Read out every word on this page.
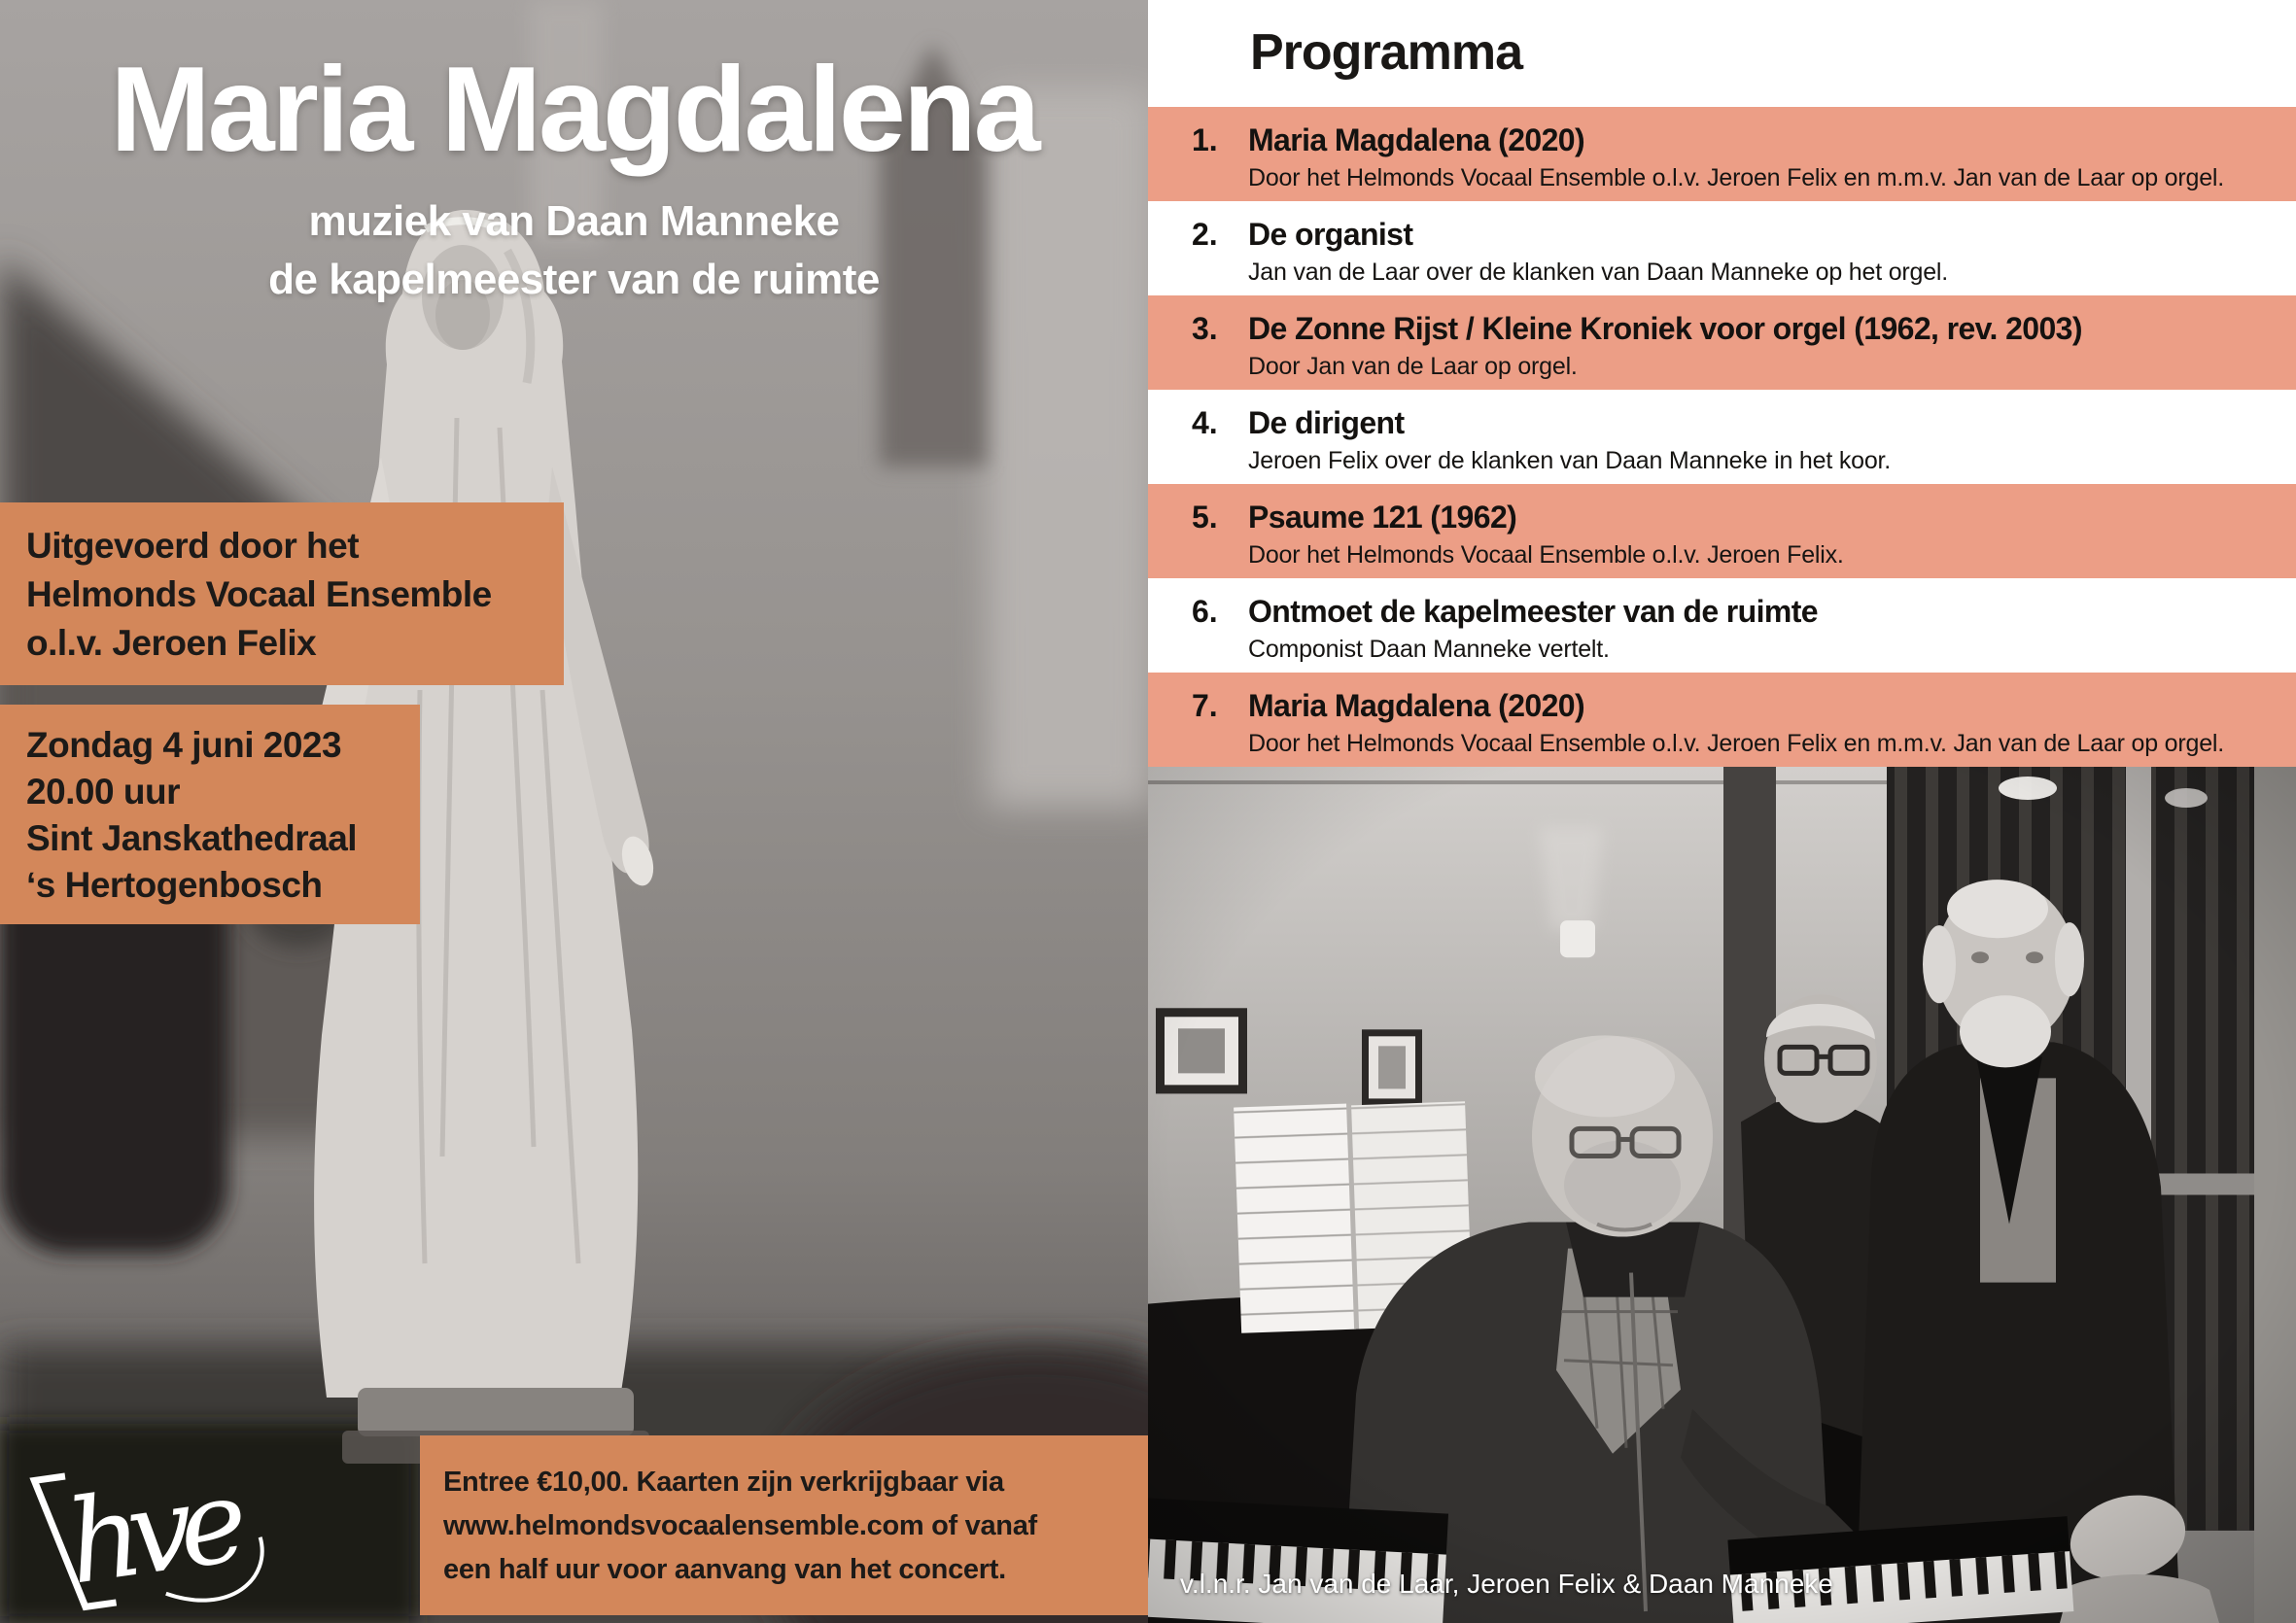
Maria Magdalena
muziek van Daan Manneke
de kapelmeester van de ruimte
Uitgevoerd door het
Helmonds Vocaal Ensemble
o.l.v. Jeroen Felix
Zondag 4 juni 2023
20.00 uur
Sint Janskathedraal
‘s Hertogenbosch
hve	Entree €10,00. Kaarten zijn verkrijgbaar via
www.helmondsvocaalensemble.com of vanaf
een half uur voor aanvang van het concert.
Programma
1. Maria Magdalena (2020)
Door het Helmonds Vocaal Ensemble o.l.v. Jeroen Felix en m.m.v. Jan van de Laar op orgel.
2. De organist
Jan van de Laar over de klanken van Daan Manneke op het orgel.
3. De Zonne Rijst / Kleine Kroniek voor orgel (1962, rev. 2003)
Door Jan van de Laar op orgel.
4. De dirigent
Jeroen Felix over de klanken van Daan Manneke in het koor.
5. Psaume 121 (1962)
Door het Helmonds Vocaal Ensemble o.l.v. Jeroen Felix.
6. Ontmoet de kapelmeester van de ruimte
Componist Daan Manneke vertelt.
7. Maria Magdalena (2020)
Door het Helmonds Vocaal Ensemble o.l.v. Jeroen Felix en m.m.v. Jan van de Laar op orgel.
v.l.n.r. Jan van de Laar, Jeroen Felix & Daan Manneke
